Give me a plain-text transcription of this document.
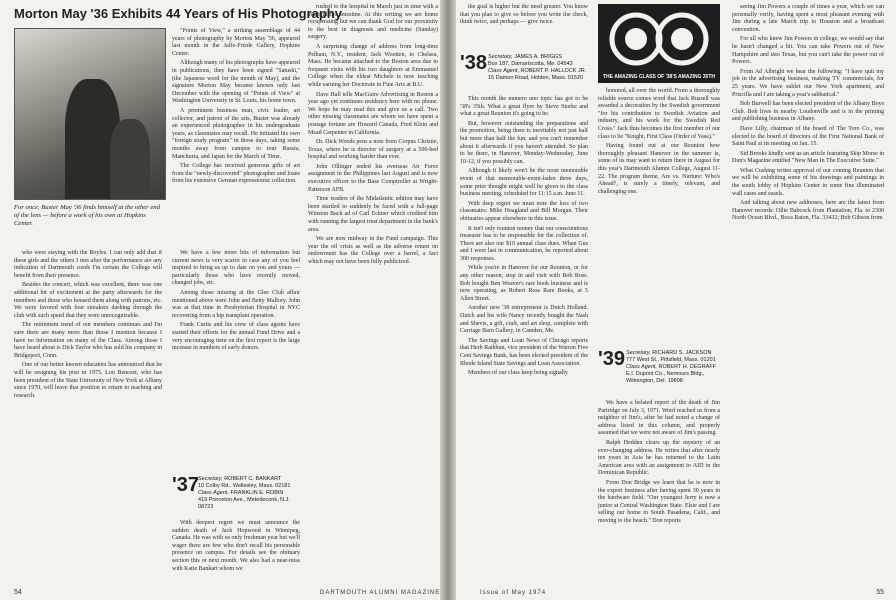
Morton May '36 Exhibits 44 Years of His Photography
For once, Buster May '36 finds himself at the other end of the lens — before a work of his own at Hopkins Center.

"Points of View," a striking assemblage of 44 years of photography by Morton May '36, appeared last month in the Jaffe-Friede Gallery, Hopkins Center.

Although many of his photographs have appeared in publications, they have been signed "Satuski," (the Japanese word for the month of May), and the signature Morton May became known only last December with the opening of "Points of View" at Washington University in St. Louis, his home town.

A prominent business man, civic leader, art collector, and patron of the arts, Buster was already an experienced photographer in his undergraduate years, as classmates may recall. He initiated his own "foreign study program" in those days, taking some months away from campus to tour Russia, Manchuria, and Japan for the March of Time.

The College has received generous gifts of art from the "newly-discovered" photographer and loans from his extensive German expressionist collection.

who were staying with the Boyles. I can only add that if these girls and the others I met after the performance are any indication of Dartmouth coeds I'm certain the College will benefit from their presence.

Besides the concert, which was excellent, there was one additional bit of excitement at the party afterwards for the members and those who housed them along with patrons, etc. We were favored with four streakers dashing through the club with such speed that they were unrecognizable.

The retirement trend of our members continues and I'm sure there are many more than those I mention because I have no information on many of the Class. Among those I have heard about is Dick Taylor who has sold his company in Bridgeport, Conn.

One of our better known educators has announced that he will be resigning his post in 1975. Lou Benezet, who has been president of the State University of New York at Albany since 1970, will leave that position to return to teaching and research.

We have a few more bits of information but current news is very scarce in case any of you feel inspired to bring us up to date on you and yours — particularly those who have recently moved, changed jobs, etc.

Among those missing at the Glee Club affair mentioned above were John and Betty Mallory. John was at that time in Presbyterian Hospital in NYC recovering from a hip transplant operation.

Frank Curtis and his crew of class agents have started their efforts for the annual Fund Drive and a very encouraging item on the first report is the large increase in numbers of early donors.

'37
Secretary, ROBERT C. BANKART
10 Colby Rd., Wellesley, Mass. 02181
Class Agent, FRANKLIN E. ROBIN
419 Princeton Ave., Metedeconk, N.J. 08723

With deepest regret we must announce the sudden death of Jack Hopwood in Winnipeg, Canada. He was with us only freshman year but we'll wager there are few who don't recall his personable presence on campus. For details see the obituary section this or next month. We also had a near-miss with Katie Bankart whom we

rushed to the hospital in March just in time with a strangulated intestine. At this writing we are home recuperating but we can thank God for our proximity to the best in diagnosis and medicine (Sunday) surgery.

A surprising change of address from long-time Pelham, N.Y., resident, Jack Wootten, to Chelsea, Mass. He became attached to the Boston area due to frequent visits with his two daughters at Emmanuel College when the eldest Michele is now teaching while earning her Doctorate in Fine Arts at B.U.

Dave Hall tells MacGuire Advertising in Boston a year ago yet continues residency here with no phone. We hope he may read this and give us a call. Two other missing classmates are whom we have spent a postage fortune are Howard Canada, Fred Klein and Mead Carpenter in California.

Dr. Dick Woods pens a note from Corpus Christie, Texas, where he is director of surgery at a 500-bed hospital and working harder than ever.

John Ollinger ended his overseas Air Force assignment in the Philippines last August and is now executive officer to the Base Comptroller at Wright-Patterson AFB.

Time readers of the Midatlantic edition may have been startled to suddenly be faced with a full-page Winston Back ad of Carl Eckner which credited him with running the largest trust department in the bank's area.

We are now midway in the Fund campaign. This year the oil crisis as well as the adverse return on endowment has the College over a barrel, a fact which may not have been fully publicized.

54	DARTMOUTH ALUMNI MAGAZINE

the goal is higher but the need greater. You know that you plan to give so before you write the check, think twice, and perhaps — give twice.

'38 Secretary, JAMES A. BRIGGS
Box 187, Damariscotta, Me. 04543
Class Agent, ROBERT P. HALLOCK JR.
15 Damon Road, Holden, Mass. 01520

This month the numero uno topic has got to be '38's 35th. What a great flyer by Steve Storke and what a great Reunion it's going to be.

But, however outstanding the preparations and the promotion, being there is inevitably not just half but more than half the fun; and you can't remember about it afterwards if you haven't attended. So plan to be there, in Hanover, Monday-Wednesday, June 10-12, if you possibly can.

Although it likely won't be the most memorable event of that memorable-event-laden three days, some prior thought might well be given to the class business meeting, scheduled for 11:15 a.m. June 11.

With deep regret we must note the loss of two classmates: Mike Hoagland and Bill Morgan. Their obituaries appear elsewhere in this issue.

It isn't only reunion money that our conscientious treasurer has to be responsible for the collection of. There are also our $10 annual class dues. When Gus and I were last in communication, he reported about 300 responses.

While you're in Hanover for our Reunion, or for any other reason, stop in and visit with Bob Ross. Bob bought Ben Weaver's rare book business and is now operating, as Robert Ross Rare Books, at 5 Allen Street.

Another new '38 entrepreneur is Dutch Holland. Dutch and his wife Nancy recently bought the Nash and Shevis, a gift, craft, and art shop, complete with Carriage Barn Gallery, in Camden, Me.

The Savings and Loan News of Chicago reports that Herb Rathbun, vice president of the Warren Five Cent Savings Bank, has been elected president of the Rhode Island State Savings and Loan Association.

Members of our class keep being signally

THE AMAZING CLASS OF '38'S AMAZING 35TH

honored, all over the world. From a thoroughly reliable source comes word that Jack Russell was awarded a decoration by the Swedish government "for his contribution to Swedish Aviation and industry, and his work for the Swedish Red Cross." Jack thus becomes the first member of our class to be "Knight, First Class (Order of Vasa)."

Having found out at our Reunion how thoroughly pleasant Hanover in the summer is, some of us may want to return there in August for this year's Dartmouth Alumni College, August 11-22. The program theme, Are vs. Nurture: Who's Ahead?, is surely a timely, relevant, and challenging one.

'39 Secretary, RICHARD S. JACKSON
777 West St., Pittsfield, Mass. 01201
Class Agent, ROBERT H. DEGRAFF
E.I. Dupont Co., Nemours Bldg., Wilmington, Del. 19898

We have a belated report of the death of Jim Partridge on July 3, 1971. Word reached us from a neighbor of Jim's, after he had noted a change of address listed in this column, and properly assumed that we were not aware of Jim's passing.

Ralph Hedden clears up the mystery of an ever-changing address. He writes that after nearly ten years in Asia he has returned to the Latin American area with an assignment to AID in the Dominican Republic.

From Don Bridge we learn that he is now in the export business after having spent 30 years in the hardware field. "Our youngest Jerry is now a junior at Central Washington State. Elsie and I are selling our home in South Pasadena, Calif., and moving to the beach." Don reports

seeing Jim Powers a couple of times a year, which we can personally verify, having spent a most pleasant evening with Jim during a late March trip to Houston and a broadcast convention.

For all who knew Jim Powers in college, we would say that he hasn't changed a bit. You can take Powers out of New Hampshire and into Texas, but you can't take the power out of Powers.

From Ad Albright we hear the following: "I have quit my job in the advertising business, making TV commercials, for 25 years. We have sublet our New York apartment, and Priscilla and I are taking a year's sabbatical."

Bob Burwell has been elected president of the Albany Boys Club. Bob lives in nearby Loudonville and is in the printing and publishing business in Albany.

Dave Lilly, chairman of the board of The Toro Co., was elected to the board of directors of the First National Bank of Saint Paul at its meeting on Jan. 15.

Sid Brooks kindly sent us an article featuring Skip Morse in Dun's Magazine entitled "New Man In The Executive Suite."

What Cushing writes approval of our coming Reunion that we will be exhibiting some of his drawings and paintings in the south lobby of Hopkins Center in some fine illuminated wall cases and easels.

And talking about new addresses, here are the latest from Hanover records: Ollie Babcock from Plantation, Fla. to 2300 North Ocean Blvd., Boca Raton, Fla. 33432; Bob Gibson from

Issue of May 1974	55
